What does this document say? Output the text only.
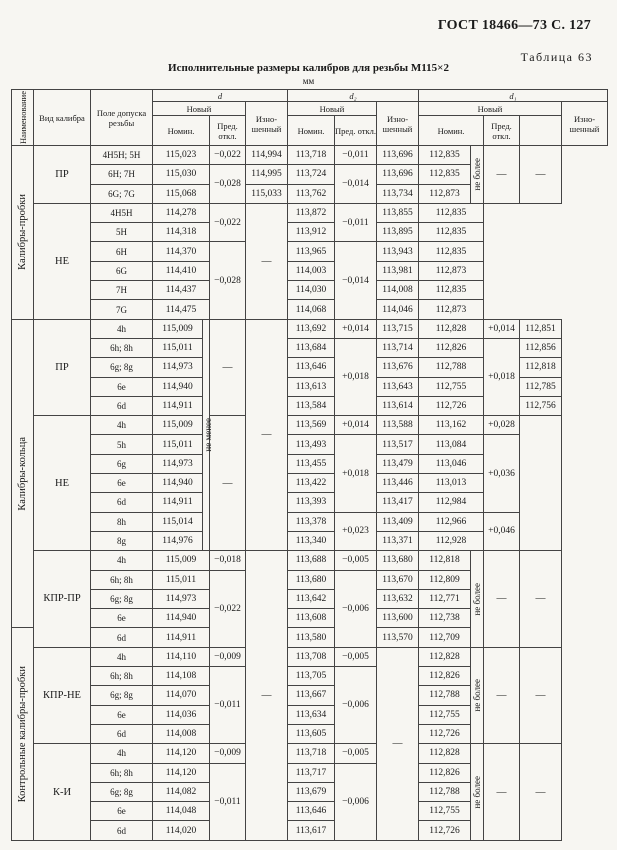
ГОСТ 18466—73 С. 127
Таблица 63
Исполнительные размеры калибров для резьбы М115×2
мм
Наименование	Вид калибра	Поле допуска резьбы	d				d₂			d₁				
			Новый			Изно-шенный	Новый		Изно-шенный	Новый				Изно-шенный
			Номин.		Пред. откл.		Номин.	Пред. откл.		Номин.		Пред. откл.		

Калибры-пробки	ПР	4H5H; 5H	115,023		−0,022	114,994	113,718	−0,011	113,696	112,835	не более	—	—	
		6H; 7H	115,030		−0,028	114,995	113,724	−0,014	113,696	112,835				
		6G; 7G	115,068			115,033	113,762		113,734	112,873				
	НЕ	4H5H	114,278		−0,022	—	113,872	−0,011	113,855	112,835				
		5H	114,318				113,912		113,895	112,835				
		6H	114,370		−0,028		113,965	−0,014	113,943	112,835				
		6G	114,410				114,003		113,981	112,873				
		7H	114,437				114,030		114,008	112,835				
		7G	114,475				114,068		114,046	112,873				

Калибры-кольца	ПР	4h	115,009	не менее	—	—	113,692	+0,014	113,715	112,828		+0,014	112,851	
		6h; 8h	115,011				113,684	+0,018	113,714	112,826		+0,018	112,856	
		6g; 8g	114,973				113,646		113,676	112,788			112,818	
		6e	114,940				113,613		113,643	112,755			112,785	
		6d	114,911				113,584		113,614	112,726			112,756	
	НЕ	4h	115,009		—		113,569	+0,014	113,588	113,162		+0,028		
		5h	115,011				113,493	+0,018	113,517	113,084		+0,036		
		6g	114,973				113,455		113,479	113,046				
		6e	114,940				113,422		113,446	113,013				
		6d	114,911				113,393		113,417	112,984				
		8h	115,014				113,378	+0,023	113,409	112,966		+0,046		
		8g	114,976				113,340		113,371	112,928				
	КПР-ПР	4h	115,009		−0,018	—	113,688	−0,005	113,680	112,818	не более	—	—	
		6h; 8h	115,011		−0,022		113,680	−0,006	113,670	112,809				
		6g; 8g	114,973				113,642		113,632	112,771				
		6e	114,940				113,608		113,600	112,738				

Контрольные калибры-пробки		6d	114,911				113,580		113,570	112,709				
	КПР-НЕ	4h	114,110		−0,009		113,708	−0,005	—	112,828	не более	—	—	
		6h; 8h	114,108		−0,011		113,705	−0,006		112,826				
		6g; 8g	114,070				113,667			112,788				
		6e	114,036				113,634			112,755				
		6d	114,008				113,605			112,726				
	К-И	4h	114,120		−0,009		113,718	−0,005		112,828	не более	—	—	
		6h; 8h	114,120		−0,011		113,717	−0,006		112,826				
		6g; 8g	114,082				113,679			112,788				
		6e	114,048				113,646			112,755				
		6d	114,020				113,617			112,726				
